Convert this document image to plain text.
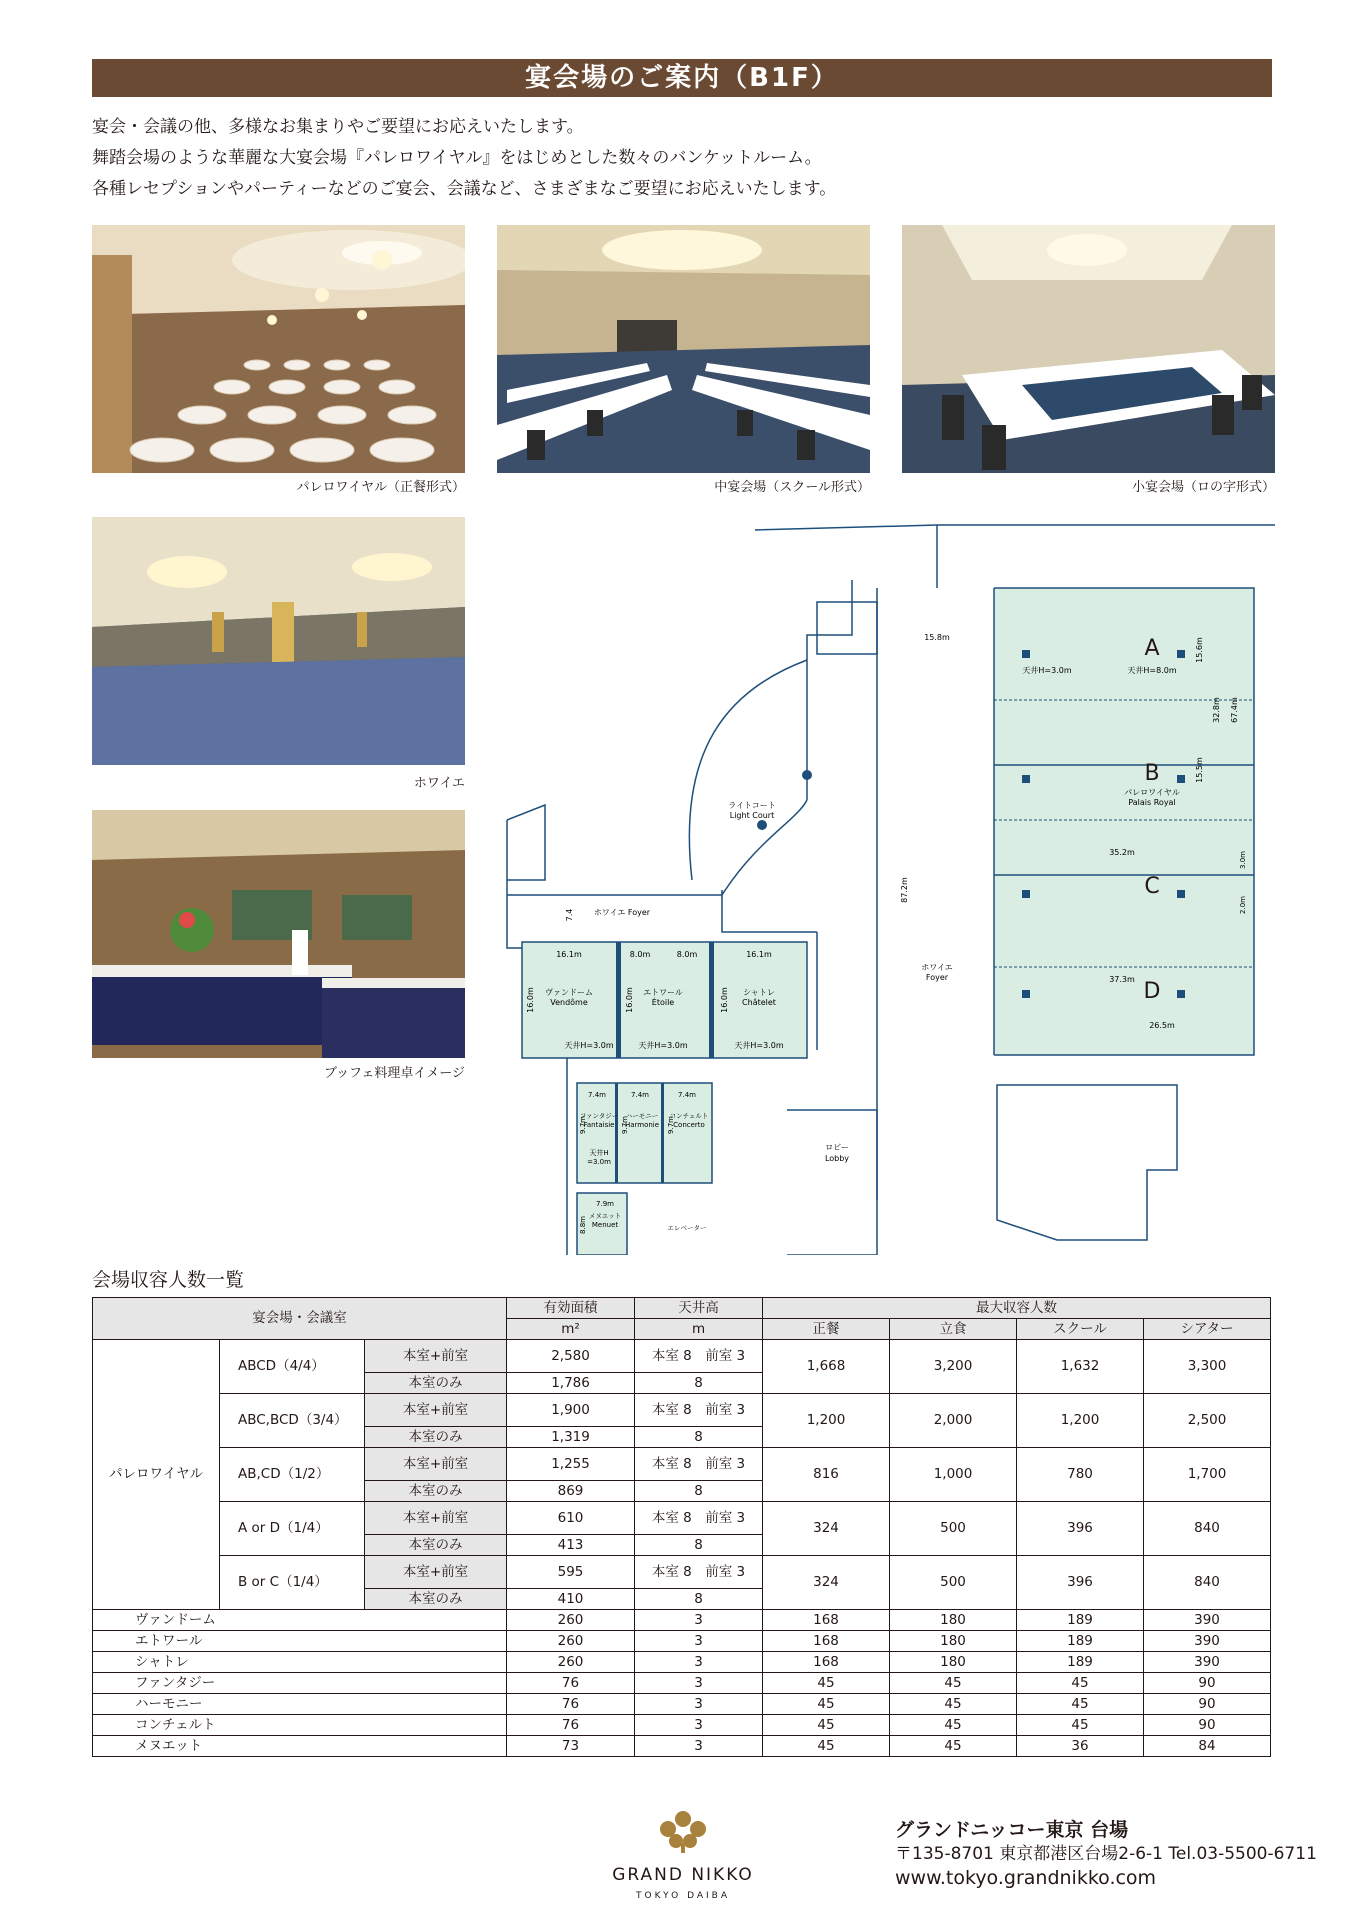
宴会場のご案内（B1F）
宴会・会議の他、多様なお集まりやご要望にお応えいたします。
舞踏会場のような華麗な大宴会場『パレロワイヤル』をはじめとした数々のバンケットルーム。
各種レセプションやパーティーなどのご宴会、会議など、さまざまなご要望にお応えいたします。
パレロワイヤル（正餐形式）	中宴会場（スクール形式）	小宴会場（ロの字形式）
ホワイエ
ブッフェ料理卓イメージ
A
B
C
D
パレロワイヤル
Palais Royal
天井H=3.0m	天井H=8.0m
15.8m	15.6m
15.5m
32.8m 67.4m
35.2m
37.3m
26.5m
3.0m
2.0m
87.2m
7.4
ライトコート
Light Court
ホワイエ Foyer
ホワイエ
Foyer
16.1m	8.0m	8.0m	16.1m
16.0m	16.0m	16.0m
ヴァンドーム
Vendôme
エトワール
Étoile
シャトレ
Châtelet
天井H=3.0m	天井H=3.0m	天井H=3.0m
7.4m	7.4m	7.4m
9.7m	9.7m	9.7m
ファンタジー
Fantaisie
ハーモニー
Harmonie
コンチェルト
Concerto
天井H
=3.0m
7.9m
8.8m
メヌエット
Menuet
ロビー
Lobby
エレベーター
会場収容人数一覧
宴会場・会議室			有効面積	天井高	最大収容人数			
			m²	m	正餐	立食	スクール	シアター
パレロワイヤル	ABCD（4/4）	本室+前室	2,580	本室 8　前室 3	1,668	3,200	1,632	3,300
		本室のみ	1,786	8				
	ABC,BCD（3/4）	本室+前室	1,900	本室 8　前室 3	1,200	2,000	1,200	2,500
		本室のみ	1,319	8				
	AB,CD（1/2）	本室+前室	1,255	本室 8　前室 3	816	1,000	780	1,700
		本室のみ	869	8				
	A or D（1/4）	本室+前室	610	本室 8　前室 3	324	500	396	840
		本室のみ	413	8				
	B or C（1/4）	本室+前室	595	本室 8　前室 3	324	500	396	840
		本室のみ	410	8				
ヴァンドーム			260	3	168	180	189	390
エトワール			260	3	168	180	189	390
シャトレ			260	3	168	180	189	390
ファンタジー			76	3	45	45	45	90
ハーモニー			76	3	45	45	45	90
コンチェルト			76	3	45	45	45	90
メヌエット			73	3	45	45	36	84
GRAND NIKKO
TOKYO DAIBA
グランドニッコー東京 台場
〒135-8701 東京都港区台場2-6-1 Tel.03-5500-6711
www.tokyo.grandnikko.com
